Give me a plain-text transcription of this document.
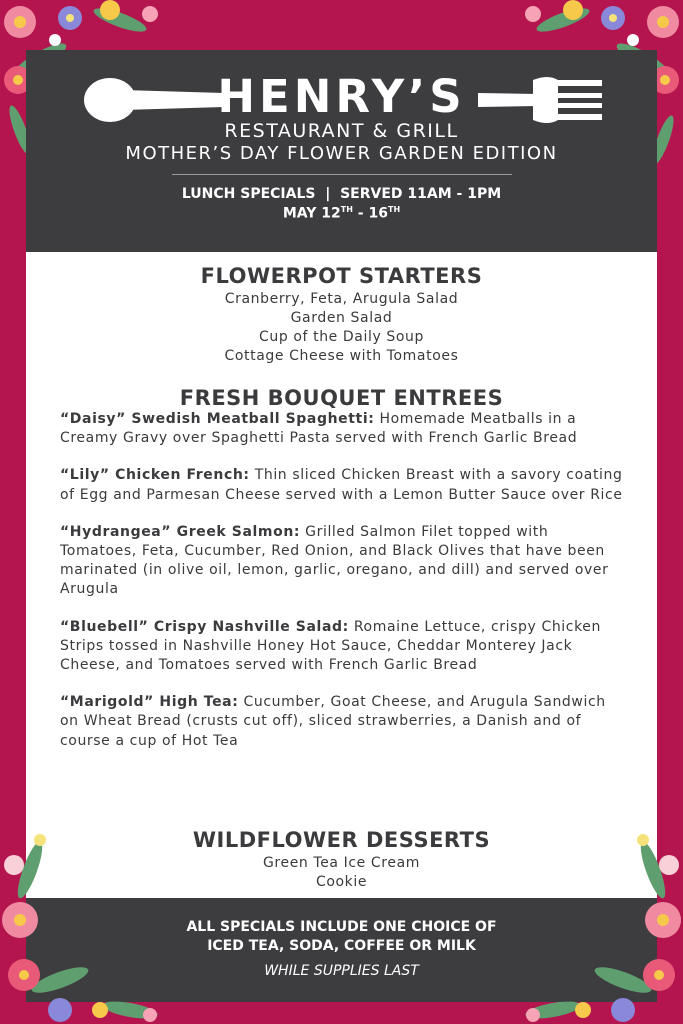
HENRY’S
RESTAURANT & GRILL
MOTHER’S DAY FLOWER GARDEN EDITION
LUNCH SPECIALS  |  SERVED 11AM - 1PM
MAY 12TH - 16TH
FLOWERPOT STARTERS
Cranberry, Feta, Arugula Salad
Garden Salad
Cup of the Daily Soup
Cottage Cheese with Tomatoes
FRESH BOUQUET ENTREES
“Daisy” Swedish Meatball Spaghetti: Homemade Meatballs in a Creamy Gravy over Spaghetti Pasta served with French Garlic Bread
“Lily” Chicken French: Thin sliced Chicken Breast with a savory coating of Egg and Parmesan Cheese served with a Lemon Butter Sauce over Rice
“Hydrangea” Greek Salmon: Grilled Salmon Filet topped with Tomatoes, Feta, Cucumber, Red Onion, and Black Olives that have been marinated (in olive oil, lemon, garlic, oregano, and dill) and served over Arugula
“Bluebell” Crispy Nashville Salad: Romaine Lettuce, crispy Chicken Strips tossed in Nashville Honey Hot Sauce, Cheddar Monterey Jack Cheese, and Tomatoes served with French Garlic Bread
“Marigold” High Tea: Cucumber, Goat Cheese, and Arugula Sandwich on Wheat Bread (crusts cut off), sliced strawberries, a Danish and of course a cup of Hot Tea
WILDFLOWER DESSERTS
Green Tea Ice Cream
Cookie
ALL SPECIALS INCLUDE ONE CHOICE OF
ICED TEA, SODA, COFFEE OR MILK
WHILE SUPPLIES LAST
